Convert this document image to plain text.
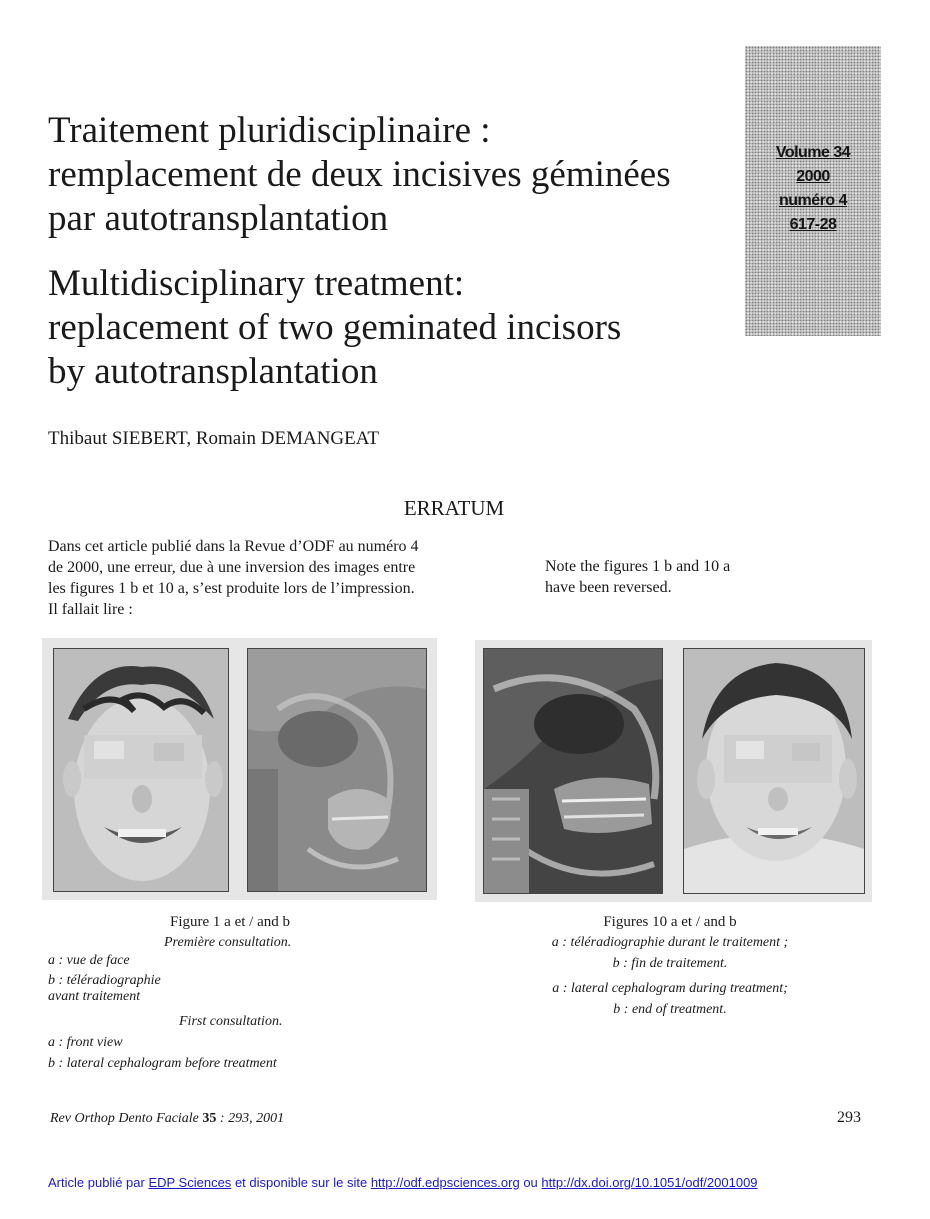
Traitement pluridisciplinaire :
remplacement de deux incisives géminées
par autotransplantation
Multidisciplinary treatment:
replacement of two geminated incisors
by autotransplantation
Volume 34
2000
numéro 4
617-28
Thibaut SIEBERT, Romain DEMANGEAT
ERRATUM
Dans cet article publié dans la Revue d’ODF au numéro 4
de 2000, une erreur, due à une inversion des images entre
les figures 1 b et 10 a, s’est produite lors de l’impression.
Il fallait lire :
Note the figures 1 b and 10 a
have been reversed.
Figure 1 a et / and b
Première consultation.
a : vue de face
b : téléradiographie
avant traitement
First consultation.
a : front view
b : lateral cephalogram before treatment
Figures 10 a et / and b
a : téléradiographie durant le traitement ;
b : fin de traitement.
a : lateral cephalogram during treatment;
b : end of treatment.
Rev Orthop Dento Faciale 35 : 293, 2001	293
Article publié par EDP Sciences et disponible sur le site http://odf.edpsciences.org ou http://dx.doi.org/10.1051/odf/2001009
